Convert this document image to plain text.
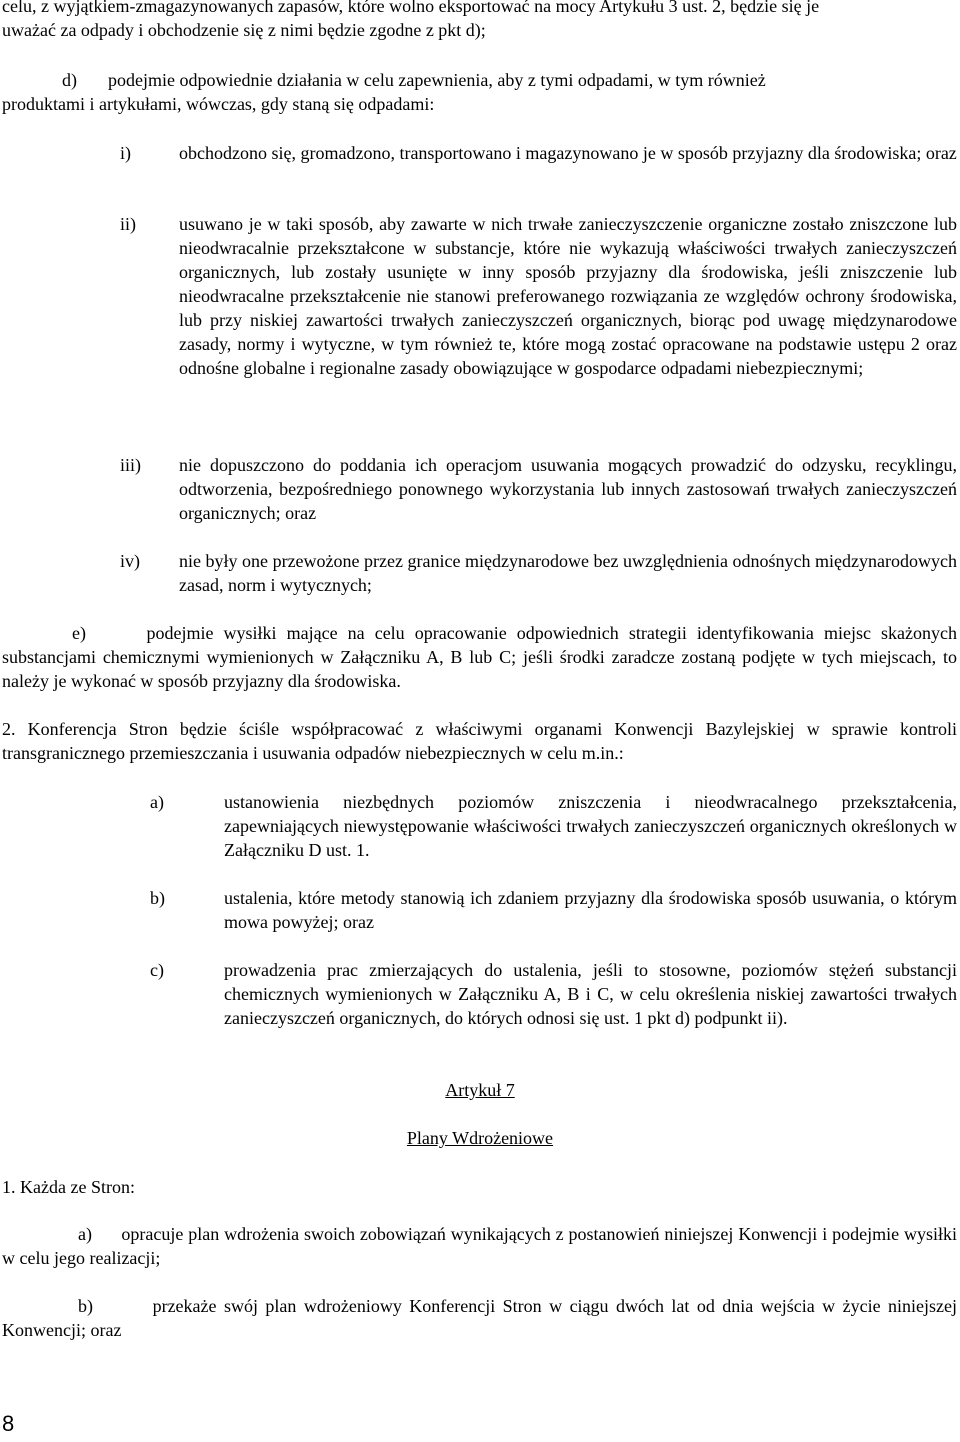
celu, z wyjątkiem-zmagazynowanych zapasów, które wolno eksportować na mocy Artykułu 3 ust. 2, będzie się je
uważać za odpady i obchodzenie się z nimi będzie zgodne z pkt d);
d) podejmie odpowiednie działania w celu zapewnienia, aby z tymi odpadami, w tym również
produktami i artykułami, wówczas, gdy staną się odpadami:
i)	obchodzono się, gromadzono, transportowano i magazynowano je w sposób przyjazny dla środowiska; oraz
ii) usuwano je w taki sposób, aby zawarte w nich trwałe zanieczyszczenie organiczne zostało zniszczone lub nieodwracalnie przekształcone w substancje, które nie wykazują właściwości trwałych zanieczyszczeń organicznych, lub zostały usunięte w inny sposób przyjazny dla środowiska, jeśli zniszczenie lub nieodwracalne przekształcenie nie stanowi preferowanego rozwiązania ze względów ochrony środowiska, lub przy niskiej zawartości trwałych zanieczyszczeń organicznych, biorąc pod uwagę międzynarodowe zasady, normy i wytyczne, w tym również te, które mogą zostać opracowane na podstawie ustępu 2 oraz odnośne globalne i regionalne zasady obowiązujące w gospodarce odpadami niebezpiecznymi;
iii) nie dopuszczono do poddania ich operacjom usuwania mogących prowadzić do odzysku, recyklingu, odtworzenia, bezpośredniego ponownego wykorzystania lub innych zastosowań trwałych zanieczyszczeń organicznych; oraz
iv) nie były one przewożone przez granice międzynarodowe bez uwzględnienia odnośnych międzynarodowych zasad, norm i wytycznych;
e)	podejmie wysiłki mające na celu opracowanie odpowiednich strategii identyfikowania miejsc skażonych substancjami chemicznymi wymienionych w Załączniku A, B lub C; jeśli środki zaradcze zostaną podjęte w tych miejscach, to należy je wykonać w sposób przyjazny dla środowiska.
2. Konferencja Stron będzie ściśle współpracować z właściwymi organami Konwencji Bazylejskiej w sprawie kontroli transgranicznego przemieszczania i usuwania odpadów niebezpiecznych w celu m.in.:
a)	ustanowienia niezbędnych poziomów zniszczenia i nieodwracalnego przekształcenia, zapewniających niewystępowanie właściwości trwałych zanieczyszczeń organicznych określonych w Załączniku D ust. 1.
b)	ustalenia, które metody stanowią ich zdaniem przyjazny dla środowiska sposób usuwania, o którym mowa powyżej; oraz
c)	prowadzenia prac zmierzających do ustalenia, jeśli to stosowne, poziomów stężeń substancji chemicznych wymienionych w Załączniku A, B i C, w celu określenia niskiej zawartości trwałych zanieczyszczeń organicznych, do których odnosi się ust. 1 pkt d) podpunkt ii).
Artykuł 7
Plany Wdrożeniowe
1. Każda ze Stron:
a) opracuje plan wdrożenia swoich zobowiązań wynikających z postanowień niniejszej Konwencji i podejmie wysiłki w celu jego realizacji;
b)	przekaże swój plan wdrożeniowy Konferencji Stron w ciągu dwóch lat od dnia wejścia w życie niniejszej Konwencji; oraz
8
